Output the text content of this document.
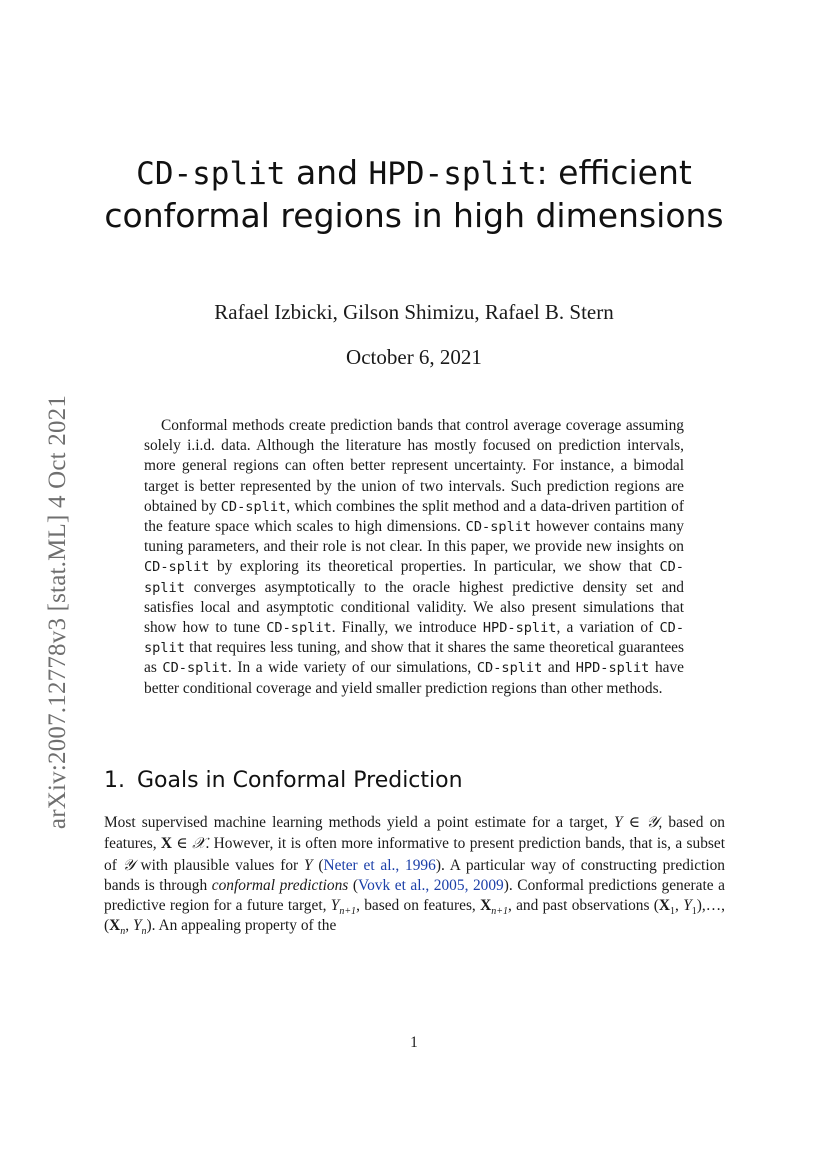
arXiv:2007.12778v3 [stat.ML] 4 Oct 2021
CD-split and HPD-split: efficient conformal regions in high dimensions
Rafael Izbicki, Gilson Shimizu, Rafael B. Stern
October 6, 2021

Conformal methods create prediction bands that control average coverage assuming solely i.i.d. data. Although the literature has mostly focused on prediction intervals, more general regions can often better represent uncertainty. For instance, a bimodal target is better represented by the union of two intervals. Such prediction regions are obtained by CD-split, which combines the split method and a data-driven partition of the feature space which scales to high dimensions. CD-split however contains many tuning parameters, and their role is not clear. In this paper, we provide new insights on CD-split by exploring its theoretical properties. In particular, we show that CD-split converges asymptotically to the oracle highest predictive density set and satisfies local and asymptotic conditional validity. We also present simulations that show how to tune CD-split. Finally, we introduce HPD-split, a variation of CD-split that requires less tuning, and show that it shares the same theoretical guarantees as CD-split. In a wide variety of our simulations, CD-split and HPD-split have better conditional coverage and yield smaller prediction regions than other methods.

1. Goals in Conformal Prediction

Most supervised machine learning methods yield a point estimate for a target, Y ∈ 𝒴, based on features, X ∈ 𝒳. However, it is often more informative to present prediction bands, that is, a subset of 𝒴 with plausible values for Y (Neter et al., 1996). A particular way of constructing prediction bands is through conformal predictions (Vovk et al., 2005, 2009). Conformal predictions generate a predictive region for a future target, $Y_{n+1}$, based on features, $X_{n+1}$, and past observations ($X_1$, $Y_1),\dots,(X_n$, $Y_n$). An appealing property of the

1
